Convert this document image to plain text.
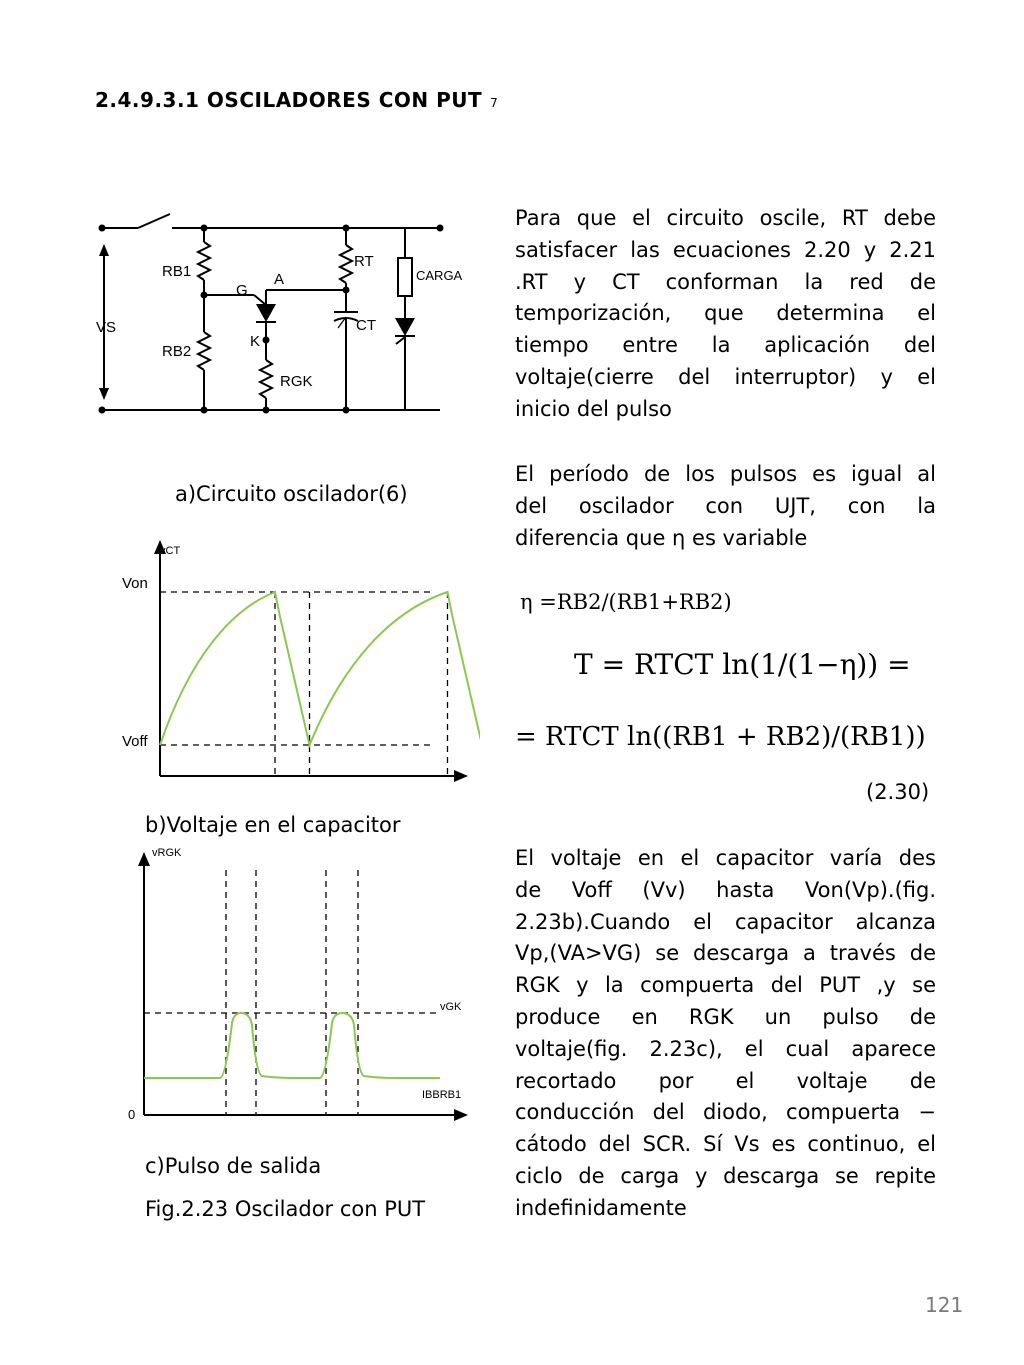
2.4.9.3.1 OSCILADORES CON PUT 7
RB1
RB2
RT
CT
RGK
VS
G
A
K
CARGA
a)Circuito oscilador(6)
vCT
Von
Voff
b)Voltaje en el capacitor
vRGK
vGK
IBBRB1
0
c)Pulso de salida
Fig.2.23 Oscilador con PUT
Para que el circuito oscile, RT debe
satisfacer las ecuaciones 2.20 y 2.21
.RT y CT conforman la red de
temporización, que determina el
tiempo entre la aplicación del
voltaje(cierre del interruptor) y el
inicio del pulso
El período de los pulsos es igual al
del oscilador con UJT, con la
diferencia que η es variable
η =RB2/(RB1+RB2)
T = RTCT ln(1/(1−η)) =
= RTCT ln((RB1 + RB2)/(RB1))
(2.30)
El voltaje en el capacitor varía des
de Voff (Vv) hasta Von(Vp).(fig.
2.23b).Cuando el capacitor alcanza
Vp,(VA>VG) se descarga a través de
RGK y la compuerta del PUT ,y se
produce en RGK un pulso de
voltaje(fig. 2.23c), el cual aparece
recortado por el voltaje de
conducción del diodo, compuerta −
cátodo del SCR. Sí Vs es continuo, el
ciclo de carga y descarga se repite
indefinidamente
121
